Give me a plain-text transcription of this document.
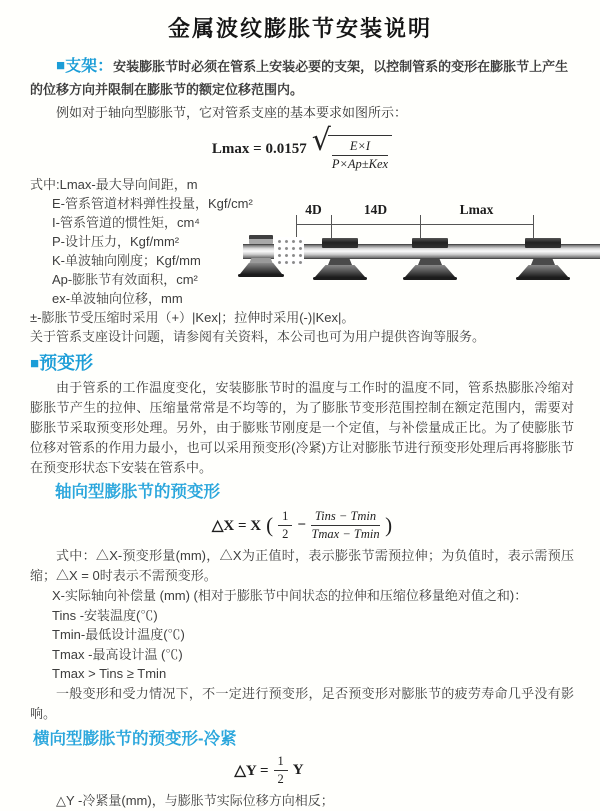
金属波纹膨胀节安装说明

■支架：安装膨胀节时必须在管系上安装必要的支架，以控制管系的变形在膨胀节上产生的位移方向并限制在膨胀节的额定位移范围内。

例如对于轴向型膨胀节，它对管系支座的基本要求如图所示：

Lmax = 0.0157 √ $\frac{E\times I}{\text{P×Ap±Kex}}$
式中:Lmax-最大导向间距，m
E-管系管道材料弹性投量，Kgf/cm²
I-管系管道的惯性矩，cm⁴
P-设计压力，Kgf/mm²
K-单波轴向刚度；Kgf/mm
Ap-膨胀节有效面积，cm²
ex-单波轴向位移，mm
±-膨胀节受压缩时采用（+）|Kex|；拉伸时采用(-)|Kex|。
关于管系支座设计问题，请参阅有关资料，本公司也可为用户提供咨询等服务。
■预变形

由于管系的工作温度变化，安装膨胀节时的温度与工作时的温度不同，管系热膨胀冷缩对膨胀节产生的拉伸、压缩量常常是不均等的，为了膨胀节变形范围控制在额定范围内，需要对膨胀节采取预变形处理。另外，由于膨账节刚度是一个定值，与补偿量成正比。为了使膨胀节位移对管系的作用力最小，也可以采用预变形(冷紧)方让对膨胀节进行预变形处理后再将膨胀节在预变形状态下安装在管系中。

轴向型膨胀节的预变形
△X = X ( $\frac{1}{2} - \frac{\text{Tins − Tmin}}{Tmax - Tmin}$ )
式中：△X-预变形量(mm)，△X为正值时，表示膨张节需预拉伸；为负值时，表示需预压缩；△X = 0时表示不需预变形。
X-实际轴向补偿量 (mm) (相对于膨胀节中间状态的拉伸和压缩位移量绝对值之和)：
Tins -安装温度(℃)
Tmin-最低设计温度(℃)
Tmax -最高设计温 (℃)
Tmax > Tins ≥ Tmin
一般变形和受力情况下，不一定进行预变形，足否预变形对膨胀节的疲劳寿命几乎没有影响。
横向型膨胀节的预变形-冷紧
△Y = $\frac{1}{2}$ Y

△Y -冷紧量(mm)，与膨胀节实际位移方向相反；

4D	14D	Lmax
